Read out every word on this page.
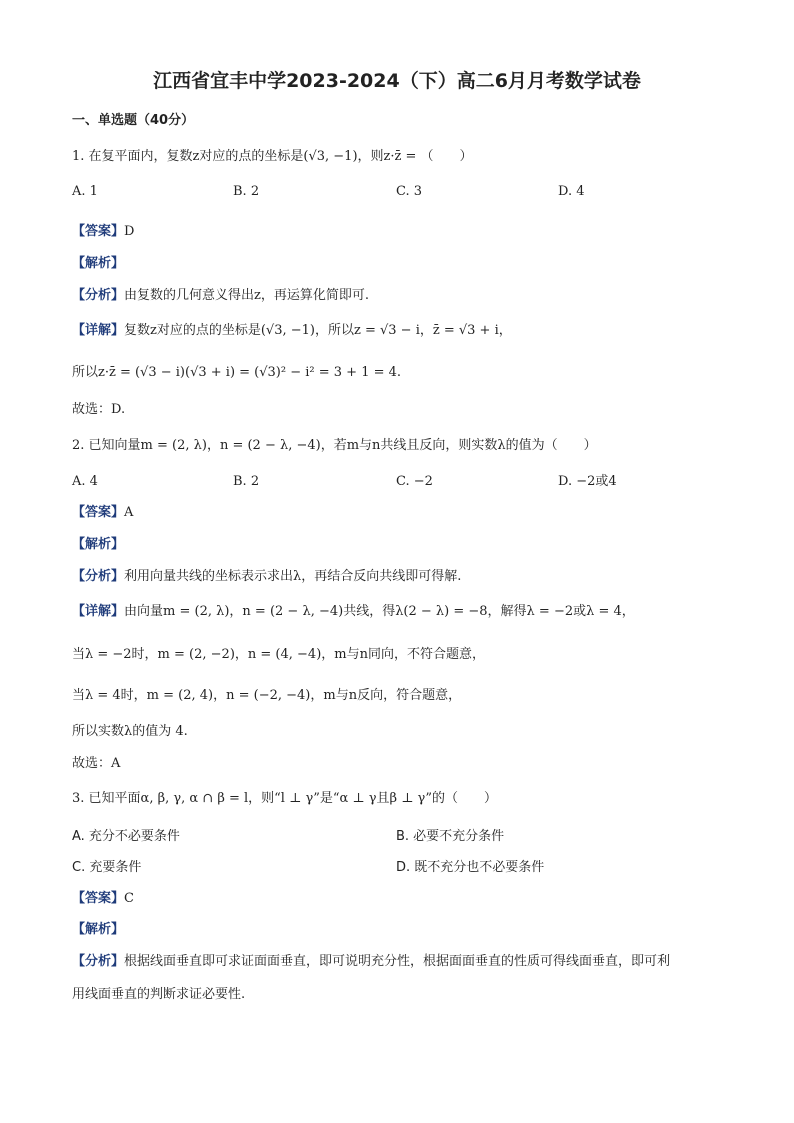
江西省宜丰中学2023-2024（下）高二6月月考数学试卷
一、单选题（40分）
1. 在复平面内，复数z对应的点的坐标是(√3, −1)，则z·z̄ = （　　）
A. 1	B. 2	C. 3	D. 4
【答案】D
【解析】
【分析】由复数的几何意义得出z，再运算化简即可.
【详解】复数z对应的点的坐标是(√3, −1)，所以z = √3 − i，z̄ = √3 + i，
所以z·z̄ = (√3 − i)(√3 + i) = (√3)² − i² = 3 + 1 = 4.
故选：D.
2. 已知向量m = (2, λ)，n = (2 − λ, −4)，若m与n共线且反向，则实数λ的值为（　　）
A. 4	B. 2	C. −2	D. −2或4
【答案】A
【解析】
【分析】利用向量共线的坐标表示求出λ，再结合反向共线即可得解.
【详解】由向量m = (2, λ)，n = (2 − λ, −4)共线，得λ(2 − λ) = −8，解得λ = −2或λ = 4，
当λ = −2时，m = (2, −2)，n = (4, −4)，m与n同向，不符合题意，
当λ = 4时，m = (2, 4)，n = (−2, −4)，m与n反向，符合题意，
所以实数λ的值为 4.
故选：A
3. 已知平面α, β, γ, α ∩ β = l，则“l ⊥ γ”是“α ⊥ γ且β ⊥ γ”的（　　）
A. 充分不必要条件	B. 必要不充分条件
C. 充要条件	D. 既不充分也不必要条件
【答案】C
【解析】
【分析】根据线面垂直即可求证面面垂直，即可说明充分性，根据面面垂直的性质可得线面垂直，即可利
用线面垂直的判断求证必要性.
